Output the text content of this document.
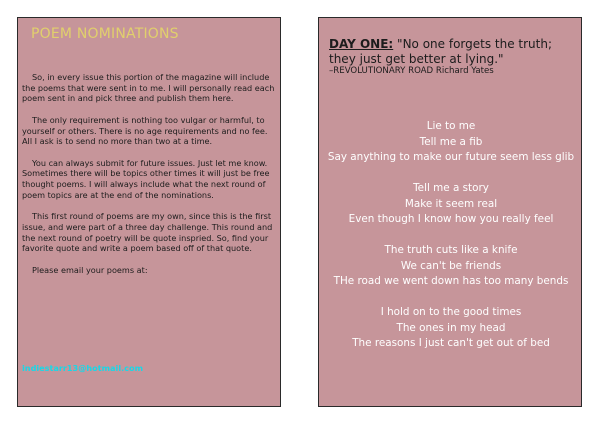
POEM NOMINATIONS

So, in every issue this portion of the magazine will include the poems that were sent in to me. I will personally read each poem sent in and pick three and publish them here.

The only requirement is nothing too vulgar or harmful, to yourself or others. There is no age requirements and no fee. All I ask is to send no more than two at a time.

You can always submit for future issues. Just let me know. Sometimes there will be topics other times it will just be free thought poems. I will always include what the next round of poem topics are at the end of the nominations.

This first round of poems are my own, since this is the first issue, and were part of a three day challenge. This round and the next round of poetry will be quote inspried. So, find your favorite quote and write a poem based off of that quote.

Please email your poems at:

indiestarr13@hotmail.com
DAY ONE: "No one forgets the truth; they just get better at lying."
–REVOLUTIONARY ROAD Richard Yates
Lie to me
Tell me a fib
Say anything to make our future seem less glib
Tell me a story
Make it seem real
Even though I know how you really feel
The truth cuts like a knife
We can't be friends
THe road we went down has too many bends
I hold on to the good times
The ones in my head
The reasons I just can't get out of bed
